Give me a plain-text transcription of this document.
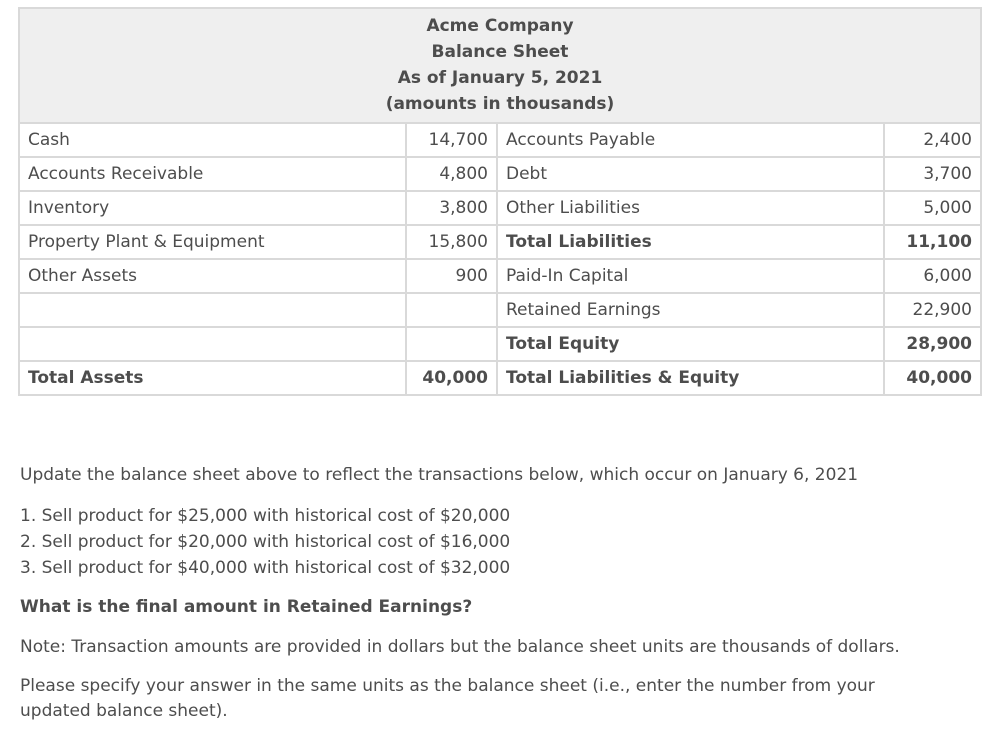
Acme Company
Balance Sheet
As of January 5, 2021
(amounts in thousands)			

Cash	14,700	Accounts Payable	2,400
Accounts Receivable	4,800	Debt	3,700
Inventory	3,800	Other Liabilities	5,000
Property Plant & Equipment	15,800	Total Liabilities	11,100
Other Assets	900	Paid-In Capital	6,000
		Retained Earnings	22,900
		Total Equity	28,900
Total Assets	40,000	Total Liabilities & Equity	40,000

Update the balance sheet above to reflect the transactions below, which occur on January 6, 2021

1. Sell product for $25,000 with historical cost of $20,000
2. Sell product for $20,000 with historical cost of $16,000
3. Sell product for $40,000 with historical cost of $32,000

What is the final amount in Retained Earnings?

Note: Transaction amounts are provided in dollars but the balance sheet units are thousands of dollars.

Please specify your answer in the same units as the balance sheet (i.e., enter the number from your updated balance sheet).
